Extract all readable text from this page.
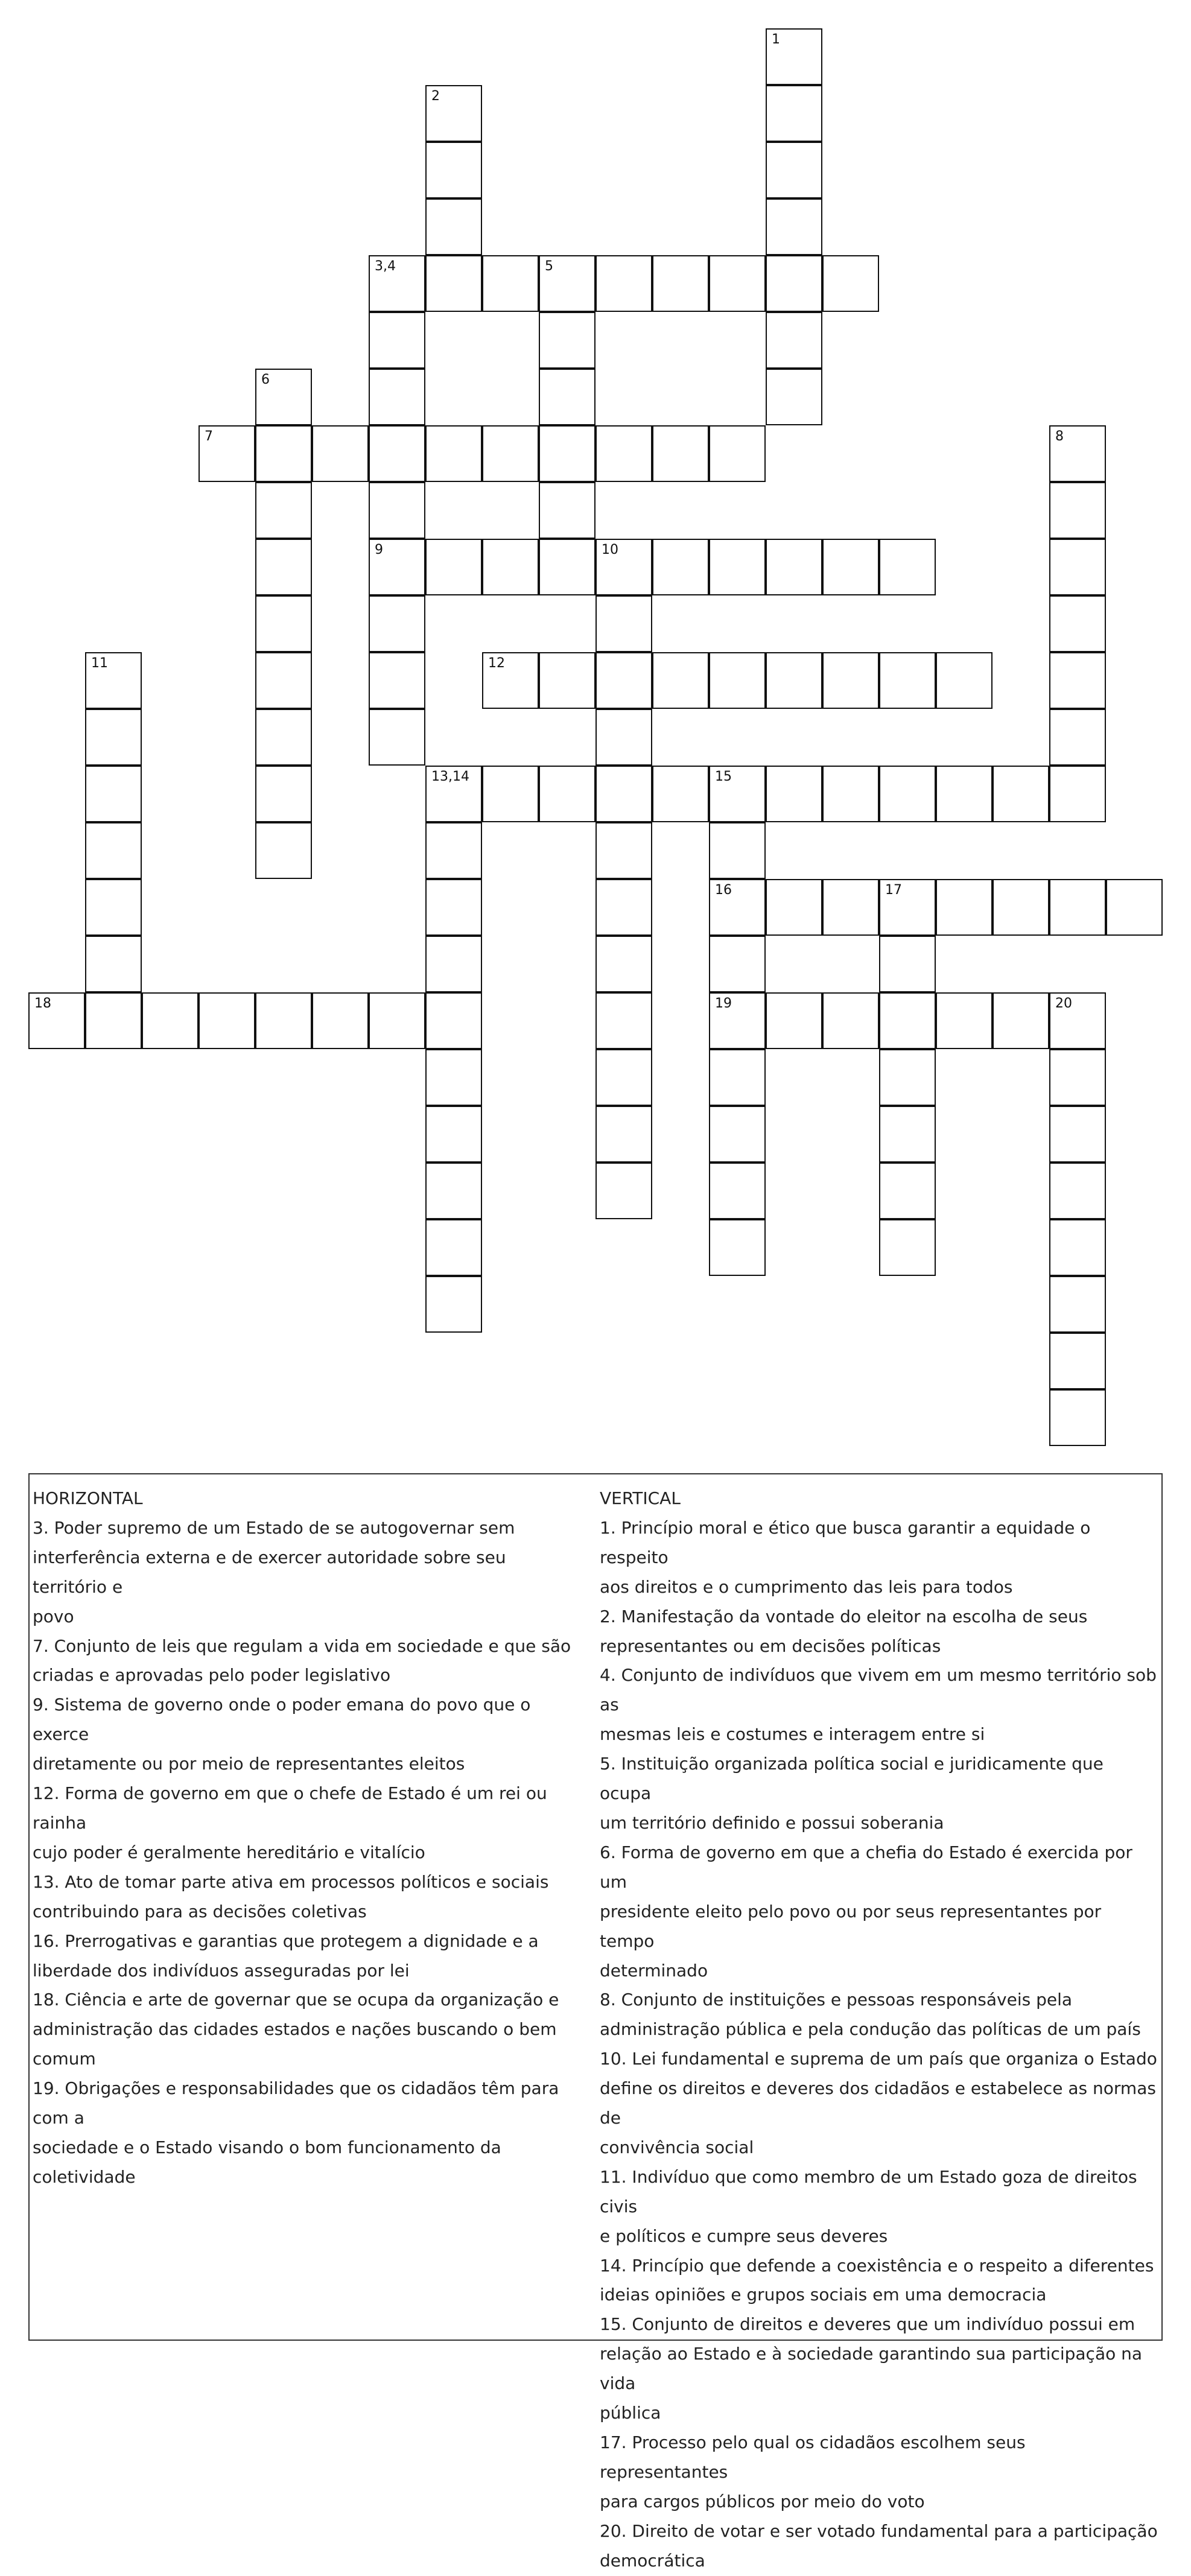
1
2
3,4	5
6
7	8
9	10
11	12
13,14	15
16
19
17
18	20
HORIZONTAL
3. Poder supremo de um Estado de se autogovernar sem
interferência externa e de exercer autoridade sobre seu território e
povo
7. Conjunto de leis que regulam a vida em sociedade e que são
criadas e aprovadas pelo poder legislativo
9. Sistema de governo onde o poder emana do povo que o exerce
diretamente ou por meio de representantes eleitos
12. Forma de governo em que o chefe de Estado é um rei ou rainha
cujo poder é geralmente hereditário e vitalício
13. Ato de tomar parte ativa em processos políticos e sociais
contribuindo para as decisões coletivas
16. Prerrogativas e garantias que protegem a dignidade e a
liberdade dos indivíduos asseguradas por lei
18. Ciência e arte de governar que se ocupa da organização e
administração das cidades estados e nações buscando o bem comum
19. Obrigações e responsabilidades que os cidadãos têm para com a
sociedade e o Estado visando o bom funcionamento da coletividade
VERTICAL
1. Princípio moral e ético que busca garantir a equidade o respeito
aos direitos e o cumprimento das leis para todos
2. Manifestação da vontade do eleitor na escolha de seus
representantes ou em decisões políticas
4. Conjunto de indivíduos que vivem em um mesmo território sob as
mesmas leis e costumes e interagem entre si
5. Instituição organizada política social e juridicamente que ocupa
um território definido e possui soberania
6. Forma de governo em que a chefia do Estado é exercida por um
presidente eleito pelo povo ou por seus representantes por tempo
determinado
8. Conjunto de instituições e pessoas responsáveis pela
administração pública e pela condução das políticas de um país
10. Lei fundamental e suprema de um país que organiza o Estado
define os direitos e deveres dos cidadãos e estabelece as normas de
convivência social
11. Indivíduo que como membro de um Estado goza de direitos civis
e políticos e cumpre seus deveres
14. Princípio que defende a coexistência e o respeito a diferentes
ideias opiniões e grupos sociais em uma democracia
15. Conjunto de direitos e deveres que um indivíduo possui em
relação ao Estado e à sociedade garantindo sua participação na vida
pública
17. Processo pelo qual os cidadãos escolhem seus representantes
para cargos públicos por meio do voto
20. Direito de votar e ser votado fundamental para a participação
democrática
